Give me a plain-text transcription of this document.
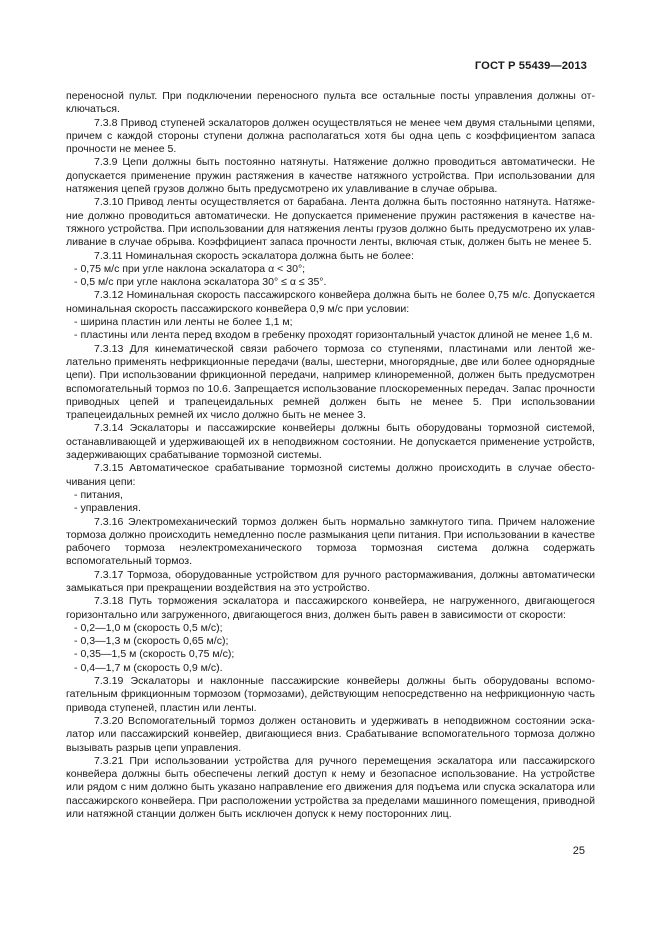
ГОСТ Р 55439—2013

переносной пульт. При подключении переносного пульта все остальные посты управления должны отключаться.

7.3.8 Привод ступеней эскалаторов должен осуществляться не менее чем двумя стальными цепями, причем с каждой стороны ступени должна располагаться хотя бы одна цепь с коэффициентом запаса прочности не менее 5.

7.3.9 Цепи должны быть постоянно натянуты. Натяжение должно проводиться автоматически. Не допускается применение пружин растяжения в качестве натяжного устройства. При использовании для натяжения цепей грузов должно быть предусмотрено их улавливание в случае обрыва.

7.3.10 Привод ленты осуществляется от барабана. Лента должна быть постоянно натянута. Натяжение должно проводиться автоматически. Не допускается применение пружин растяжения в качестве натяжного устройства. При использовании для натяжения ленты грузов должно быть предусмотрено их улавливание в случае обрыва. Коэффициент запаса прочности ленты, включая стык, должен быть не менее 5.

7.3.11 Номинальная скорость эскалатора должна быть не более:

- 0,75 м/с при угле наклона эскалатора α < 30°;

- 0,5 м/с при угле наклона эскалатора 30° ≤ α ≤ 35°.

7.3.12 Номинальная скорость пассажирского конвейера должна быть не более 0,75 м/с. Допускается номинальная скорость пассажирского конвейера 0,9 м/с при условии:

- ширина пластин или ленты не более 1,1 м;

- пластины или лента перед входом в гребенку проходят горизонтальный участок длиной не менее 1,6 м.

7.3.13 Для кинематической связи рабочего тормоза со ступенями, пластинами или лентой желательно применять нефрикционные передачи (валы, шестерни, многорядные, две или более однорядные цепи). При использовании фрикционной передачи, например клиноременной, должен быть предусмотрен вспомогательный тормоз по 10.6. Запрещается использование плоскоременных передач. Запас прочности приводных цепей и трапецеидальных ремней должен быть не менее 5. При использовании трапецеидальных ремней их число должно быть не менее 3.

7.3.14 Эскалаторы и пассажирские конвейеры должны быть оборудованы тормозной системой, останавливающей и удерживающей их в неподвижном состоянии. Не допускается применение устройств, задерживающих срабатывание тормозной системы.

7.3.15 Автоматическое срабатывание тормозной системы должно происходить в случае обесточивания цепи:

- питания,

- управления.

7.3.16 Электромеханический тормоз должен быть нормально замкнутого типа. Причем наложение тормоза должно происходить немедленно после размыкания цепи питания. При использовании в качестве рабочего тормоза неэлектромеханического тормоза тормозная система должна содержать вспомогательный тормоз.

7.3.17 Тормоза, оборудованные устройством для ручного растормаживания, должны автоматически замыкаться при прекращении воздействия на это устройство.

7.3.18 Путь торможения эскалатора и пассажирского конвейера, не нагруженного, двигающегося горизонтально или загруженного, двигающегося вниз, должен быть равен в зависимости от скорости:

- 0,2—1,0 м (скорость 0,5 м/с);

- 0,3—1,3 м (скорость 0,65 м/с);

- 0,35—1,5 м (скорость 0,75 м/с);

- 0,4—1,7 м (скорость 0,9 м/с).

7.3.19 Эскалаторы и наклонные пассажирские конвейеры должны быть оборудованы вспомогательным фрикционным тормозом (тормозами), действующим непосредственно на нефрикционную часть привода ступеней, пластин или ленты.

7.3.20 Вспомогательный тормоз должен остановить и удерживать в неподвижном состоянии эскалатор или пассажирский конвейер, двигающиеся вниз. Срабатывание вспомогательного тормоза должно вызывать разрыв цепи управления.

7.3.21 При использовании устройства для ручного перемещения эскалатора или пассажирского конвейера должны быть обеспечены легкий доступ к нему и безопасное использование. На устройстве или рядом с ним должно быть указано направление его движения для подъема или спуска эскалатора или пассажирского конвейера. При расположении устройства за пределами машинного помещения, приводной или натяжной станции должен быть исключен допуск к нему посторонних лиц.

25
